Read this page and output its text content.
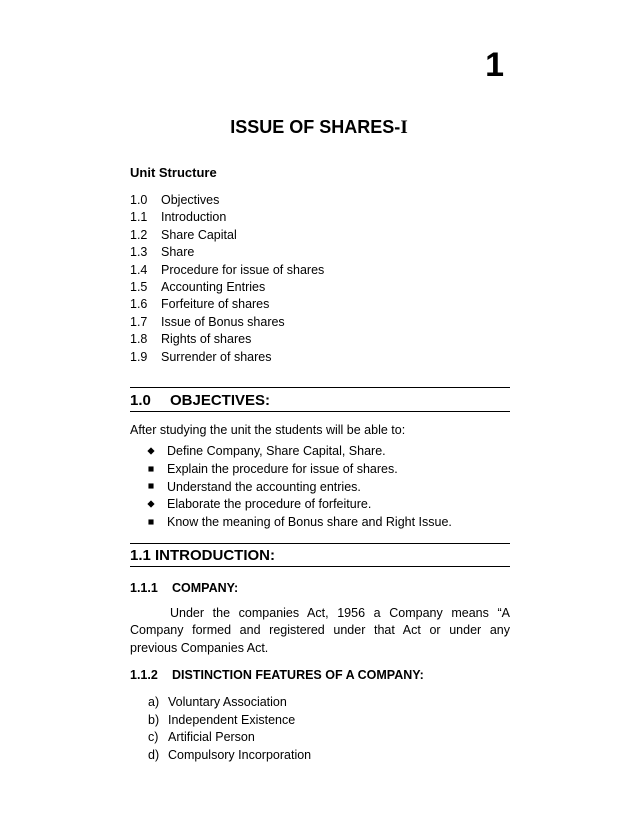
1
ISSUE OF SHARES-I
Unit Structure
1.0 Objectives
1.1 Introduction
1.2 Share Capital
1.3 Share
1.4 Procedure for issue of shares
1.5 Accounting Entries
1.6 Forfeiture of shares
1.7 Issue of Bonus shares
1.8 Rights of shares
1.9 Surrender of shares
1.0 OBJECTIVES:
After studying the unit the students will be able to:
Define Company, Share Capital, Share.
Explain the procedure for issue of shares.
Understand the accounting entries.
Elaborate the procedure of forfeiture.
Know the meaning of Bonus share and Right Issue.
1.1 INTRODUCTION:
1.1.1 COMPANY:
Under the companies Act, 1956 a Company means “A Company formed and registered under that Act or under any previous Companies Act.
1.1.2 DISTINCTION FEATURES OF A COMPANY:
a) Voluntary Association
b) Independent Existence
c) Artificial Person
d) Compulsory Incorporation
